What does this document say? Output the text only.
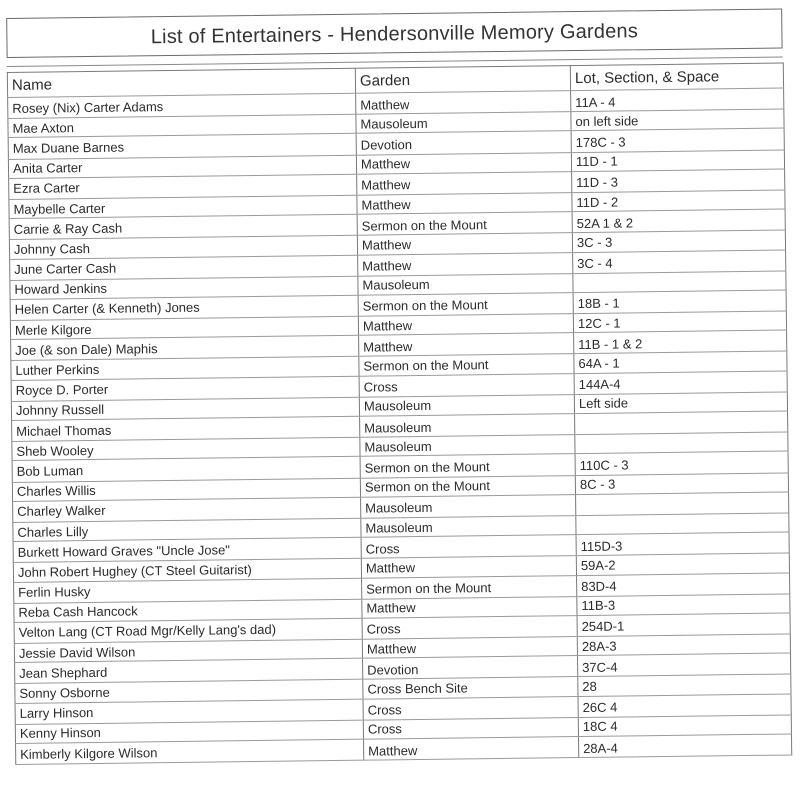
List of Entertainers - Hendersonville Memory Gardens
Name	Garden	Lot, Section, & Space
Rosey (Nix) Carter Adams	Matthew	11A - 4
Mae Axton	Mausoleum	on left side
Max Duane Barnes	Devotion	178C - 3
Anita Carter	Matthew	11D - 1
Ezra Carter	Matthew	11D - 3
Maybelle Carter	Matthew	11D - 2
Carrie & Ray Cash	Sermon on the Mount	52A 1 & 2
Johnny Cash	Matthew	3C - 3
June Carter Cash	Matthew	3C - 4
Howard Jenkins	Mausoleum	
Helen Carter (& Kenneth) Jones	Sermon on the Mount	18B - 1
Merle Kilgore	Matthew	12C - 1
Joe (& son Dale) Maphis	Matthew	11B - 1 & 2
Luther Perkins	Sermon on the Mount	64A - 1
Royce D. Porter	Cross	144A-4
Johnny Russell	Mausoleum	Left side
Michael Thomas	Mausoleum	
Sheb Wooley	Mausoleum	
Bob Luman	Sermon on the Mount	110C - 3
Charles Willis	Sermon on the Mount	8C - 3
Charley Walker	Mausoleum	
Charles Lilly	Mausoleum	
Burkett Howard Graves "Uncle Jose"	Cross	115D-3
John Robert Hughey (CT Steel Guitarist)	Matthew	59A-2
Ferlin Husky	Sermon on the Mount	83D-4
Reba Cash Hancock	Matthew	11B-3
Velton Lang (CT Road Mgr/Kelly Lang's dad)	Cross	254D-1
Jessie David Wilson	Matthew	28A-3
Jean Shephard	Devotion	37C-4
Sonny Osborne	Cross Bench Site	28
Larry Hinson	Cross	26C 4
Kenny Hinson	Cross	18C 4
Kimberly Kilgore Wilson	Matthew	28A-4
